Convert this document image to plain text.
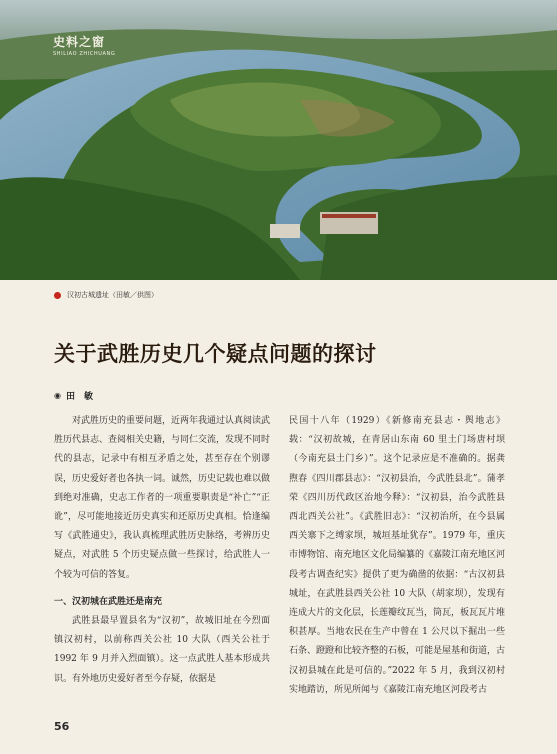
史料之窗
SHILIAO ZHICHUANG
汉初古城遗址（田敏／供图）
关于武胜历史几个疑点问题的探讨
◉ 田　敏

对武胜历史的重要问题，近两年我通过认真阅读武胜历代县志、查阅相关史籍，与同仁交流，发现不同时代的县志，记录中有相互矛盾之处，甚至存在个别谬误，历史爱好者也各执一词。诚然，历史记载也难以做到绝对准确，史志工作者的一项重要职责是“补亡”“正讹”，尽可能地接近历史真实和还原历史真相。恰逢编写《武胜通史》，我认真梳理武胜历史脉络，考辨历史疑点，对武胜 5 个历史疑点做一些探讨，给武胜人一个较为可信的答复。

一、汉初城在武胜还是南充

武胜县最早置县名为“汉初”，故城旧址在今烈面镇汉初村，以前称西关公社 10 大队（西关公社于 1992 年 9 月并入烈面镇）。这一点武胜人基本形成共识。有外地历史爱好者至今存疑，依据是

民国十八年（1929）《新修南充县志・舆地志》载：“汉初故城，在青居山东南 60 里土门场唐村坝（今南充县土门乡）”。这个记录应是不准确的。据龚煦春《四川郡县志》：“汉初县治，今武胜县北”。蒲孝荣《四川历代政区治地今释》：“汉初县，治今武胜县西北西关公社”。《武胜旧志》：“汉初治所，在今县属西关寨下之缚家坝，城垣基址犹存”。1979 年，重庆市博物馆、南充地区文化局编纂的《嘉陵江南充地区河段考古调查纪实》提供了更为确凿的依据：“古汉初县城址，在武胜县西关公社 10 大队（胡家坝），发现有连成大片的文化层，长莲瓣纹瓦当，筒瓦，板瓦瓦片堆积甚厚。当地农民在生产中曾在 1 公尺以下掘出一些石条、蹬蹬和比较齐整的石板，可能是屋基和街道，古汉初县城在此是可信的。”2022 年 5 月，我到汉初村实地踏访，所见所闻与《嘉陵江南充地区河段考古

56
